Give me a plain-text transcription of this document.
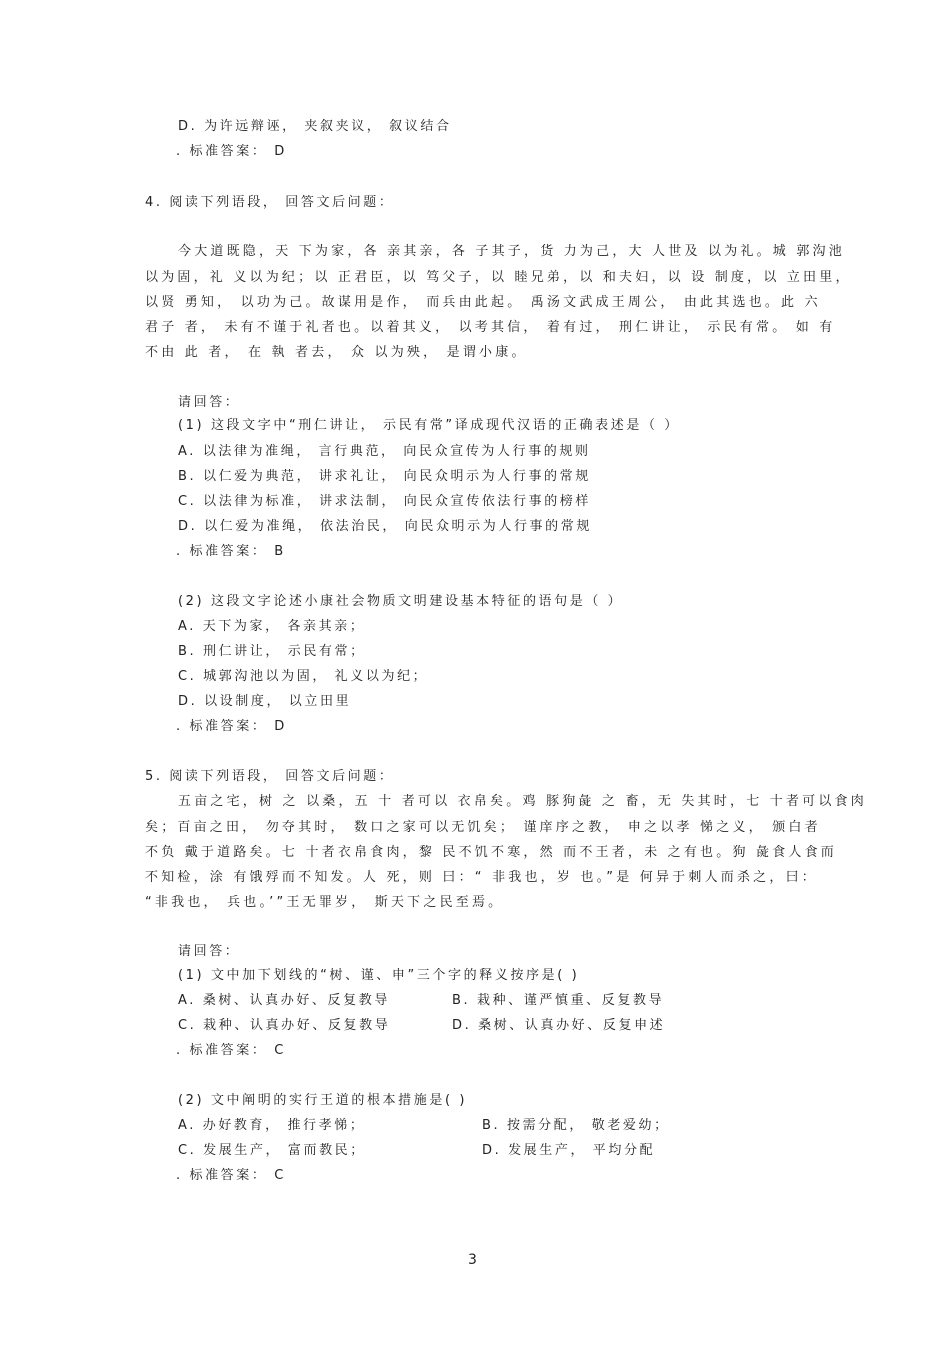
D. 为许远辩诬， 夹叙夹议， 叙议结合
. 标准答案： D
4. 阅读下列语段， 回答文后问题：
今大道既隐，天 下为家，各 亲其亲，各 子其子，货 力为己，大 人世及 以为礼。城 郭沟池
以为固，礼 义以为纪；以 正君臣，以 笃父子，以 睦兄弟，以 和夫妇，以 设 制度，以 立田里，
以贤 勇知， 以功为己。故谋用是作， 而兵由此起。 禹汤文武成王周公， 由此其选也。此 六
君子 者， 未有不谨于礼者也。以着其义， 以考其信， 着有过， 刑仁讲让， 示民有常。 如 有
不由 此 者， 在 執 者去， 众 以为殃， 是谓小康。
请回答：
(1) 这段文字中“刑仁讲让， 示民有常”译成现代汉语的正确表述是（ ）
A. 以法律为准绳， 言行典范， 向民众宣传为人行事的规则
B. 以仁爱为典范， 讲求礼让， 向民众明示为人行事的常规
C. 以法律为标准， 讲求法制， 向民众宣传依法行事的榜样
D. 以仁爱为准绳， 依法治民， 向民众明示为人行事的常规
. 标准答案： B
(2) 这段文字论述小康社会物质文明建设基本特征的语句是（ ）
A. 天下为家， 各亲其亲；
B. 刑仁讲让， 示民有常；
C. 城郭沟池以为固， 礼义以为纪；
D. 以设制度， 以立田里
. 标准答案： D
5. 阅读下列语段， 回答文后问题：
五亩之宅，树 之 以桑，五 十 者可以 衣帛矣。鸡 豚狗彘 之 畜，无 失其时，七 十者可以食肉
矣；百亩之田， 勿夺其时， 数口之家可以无饥矣； 谨庠序之教， 申之以孝 悌之义， 颁白者
不负 戴于道路矣。七 十者衣帛食肉，黎 民不饥不寒，然 而不王者，未 之有也。狗 彘食人食而
不知检，涂 有饿殍而不知发。人 死，则 曰：“ 非我也，岁 也。”是 何异于刺人而杀之，曰：
“非我也， 兵也。’”王无罪岁， 斯天下之民至焉。
请回答：
(1) 文中加下划线的“树、谨、申”三个字的释义按序是( )
A. 桑树、认真办好、反复教导	B. 栽种、谨严慎重、反复教导
C. 栽种、认真办好、反复教导	D. 桑树、认真办好、反复申述
. 标准答案： C
(2) 文中阐明的实行王道的根本措施是( )
A. 办好教育， 推行孝悌；	B. 按需分配， 敬老爱幼；
C. 发展生产， 富而教民；	D. 发展生产， 平均分配
. 标准答案： C
3
